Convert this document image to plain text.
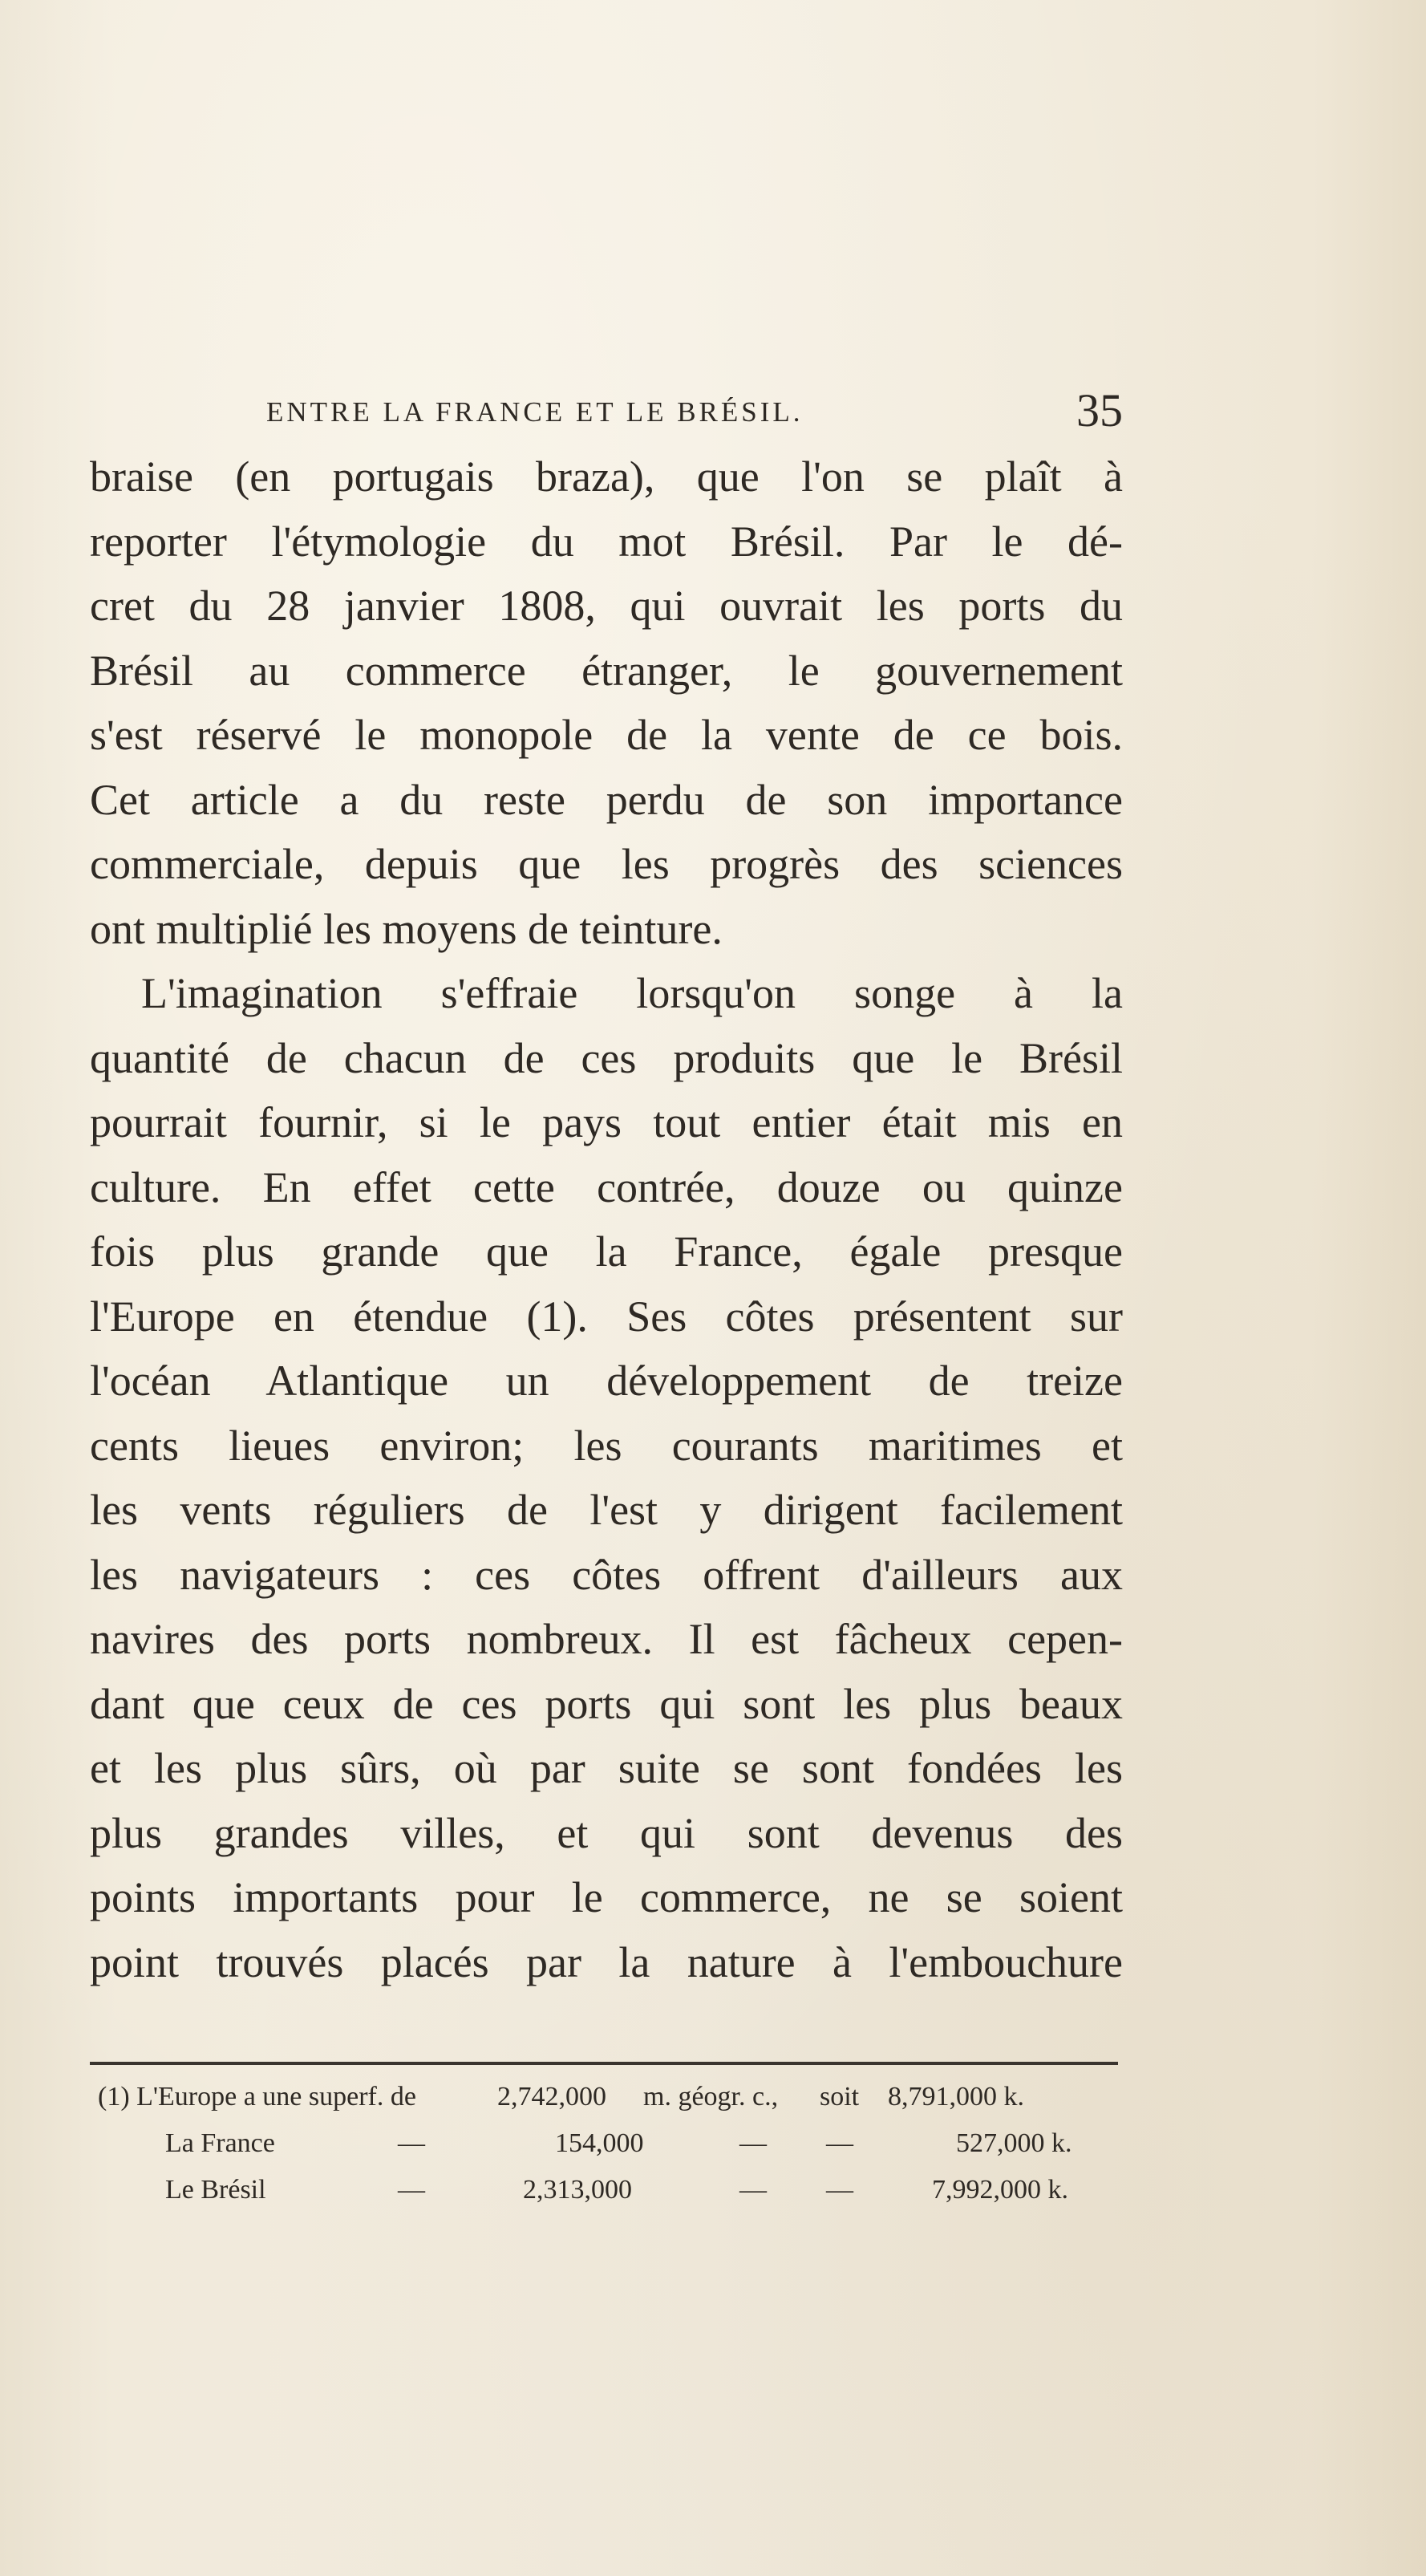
ENTRE LA FRANCE ET LE BRÉSIL.	35
braise (en portugais braza), que l'on se plaît à
reporter l'étymologie du mot Brésil. Par le dé-
cret du 28 janvier 1808, qui ouvrait les ports du
Brésil au commerce étranger, le gouvernement
s'est réservé le monopole de la vente de ce bois.
Cet article a du reste perdu de son importance
commerciale, depuis que les progrès des sciences
ont multiplié les moyens de teinture.
L'imagination s'effraie lorsqu'on songe à la
quantité de chacun de ces produits que le Brésil
pourrait fournir, si le pays tout entier était mis en
culture. En effet cette contrée, douze ou quinze
fois plus grande que la France, égale presque
l'Europe en étendue (1). Ses côtes présentent sur
l'océan Atlantique un développement de treize
cents lieues environ; les courants maritimes et
les vents réguliers de l'est y dirigent facilement
les navigateurs : ces côtes offrent d'ailleurs aux
navires des ports nombreux. Il est fâcheux cepen-
dant que ceux de ces ports qui sont les plus beaux
et les plus sûrs, où par suite se sont fondées les
plus grandes villes, et qui sont devenus des
points importants pour le commerce, ne se soient
point trouvés placés par la nature à l'embouchure
(1) L'Europe a une superf. de	2,742,000 m. géogr. c., soit 8,791,000 k.
La France	—	154,000	— —	527,000 k.
Le Brésil	—	2,313,000	— —	7,992,000 k.
